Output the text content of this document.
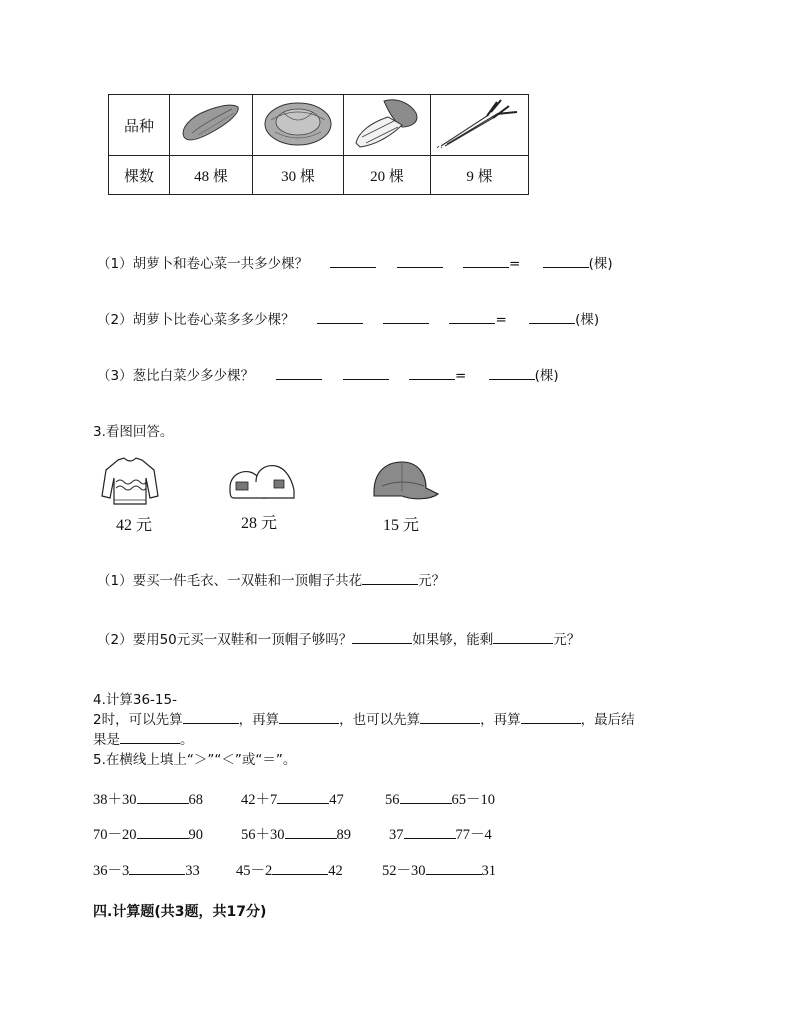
品种				
棵数	48 棵	30 棵	20 棵	9 棵
（1）胡萝卜和卷心菜一共多少棵？	=	(棵)
（2）胡萝卜比卷心菜多多少棵？	=	(棵)
（3）葱比白菜少多少棵？	=	(棵)
3.看图回答。
42 元	28 元	15 元
（1）要买一件毛衣、一双鞋和一顶帽子共花	元？
（2）要用50元买一双鞋和一顶帽子够吗？	如果够，能剩	元？
4.计算36-15-
2时，可以先算	，再算	，也可以先算	，再算	，最后结
果是	。
5.在横线上填上“＞”“＜”或“＝”。
38＋30	68	42＋7	47	56	65－10
70－20	90	56＋30	89	37	77－4
36－3	33	45－2	42	52－30	31
四.计算题(共3题，共17分)
